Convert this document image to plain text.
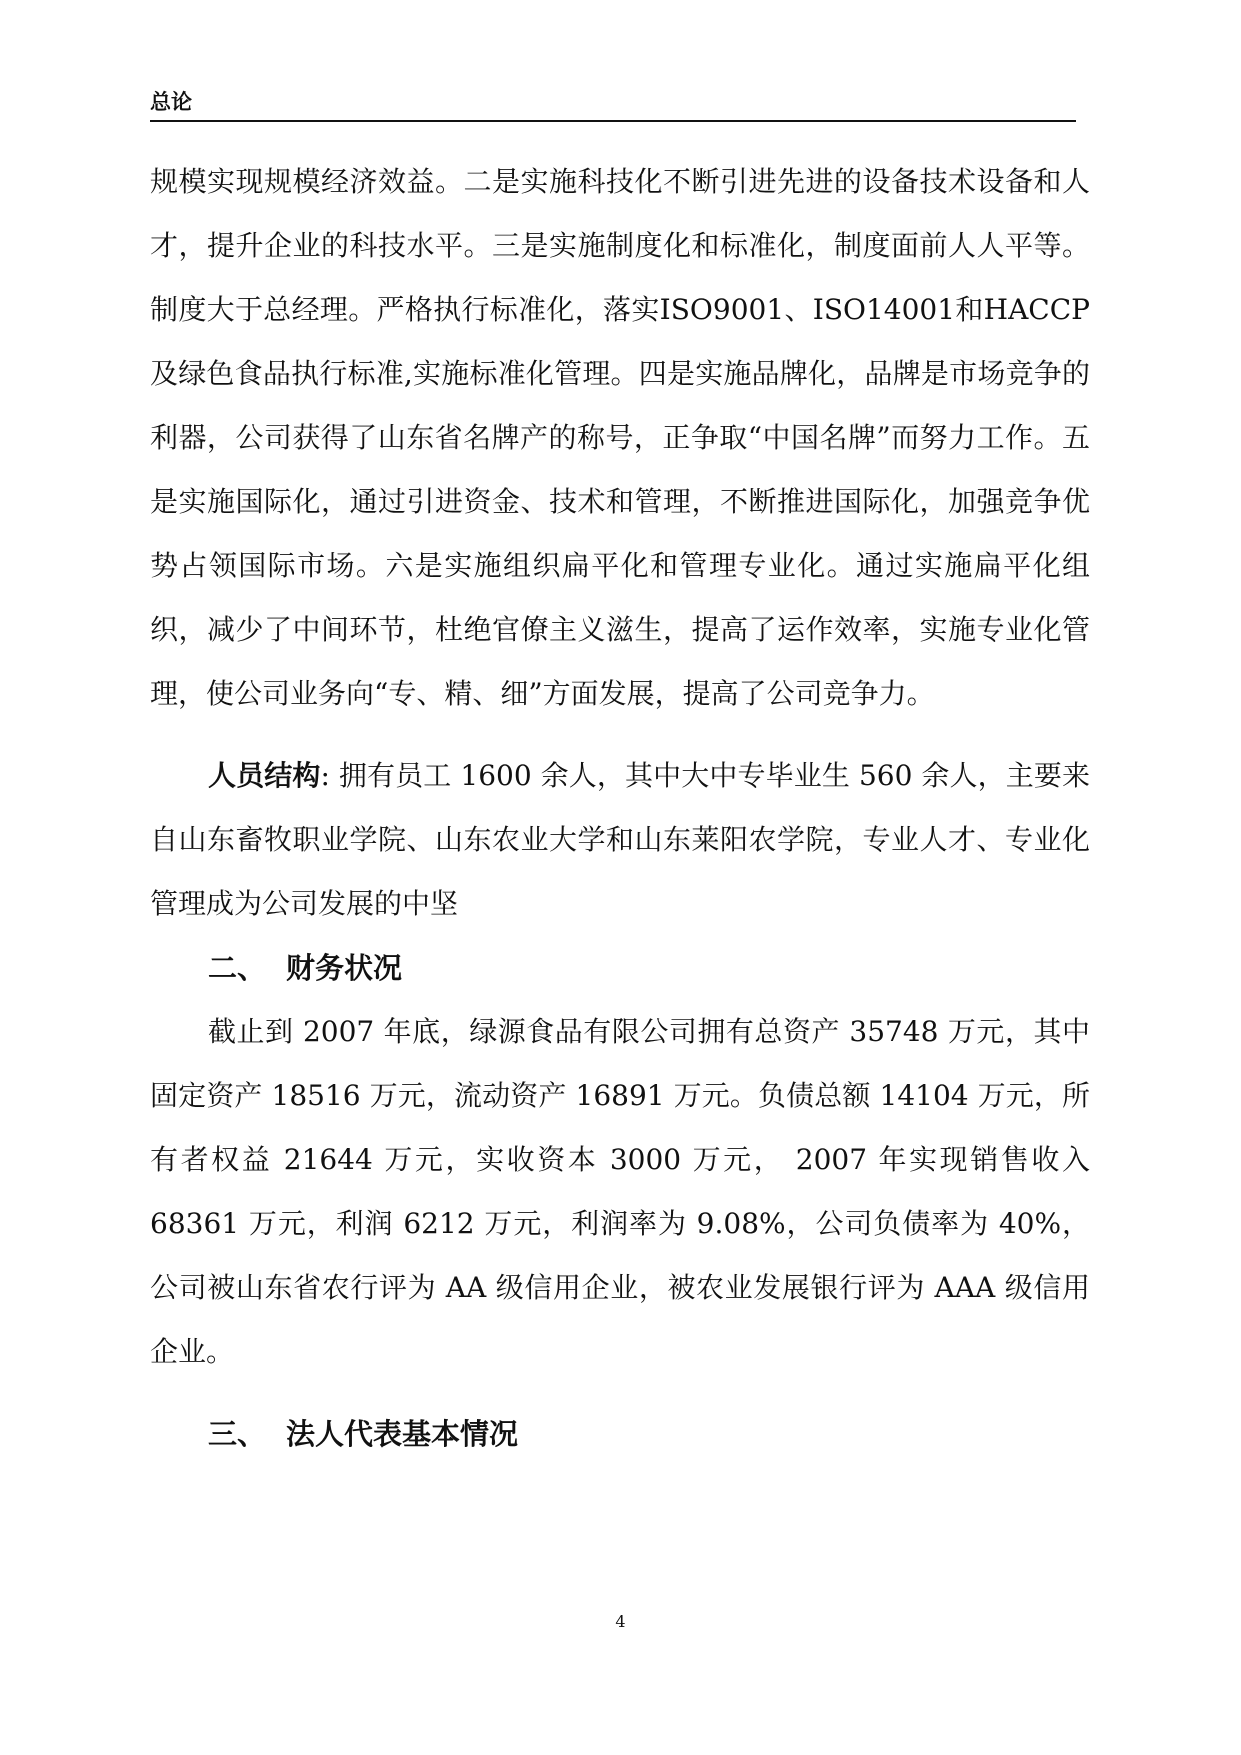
总论

规模实现规模经济效益。二是实施科技化不断引进先进的设备技术设备和人才，提升企业的科技水平。三是实施制度化和标准化，制度面前人人平等。制度大于总经理。严格执行标准化，落实ISO9001、ISO14001和HACCP及绿色食品执行标准,实施标准化管理。四是实施品牌化，品牌是市场竞争的利器，公司获得了山东省名牌产的称号，正争取“中国名牌”而努力工作。五是实施国际化，通过引进资金、技术和管理，不断推进国际化，加强竞争优势占领国际市场。六是实施组织扁平化和管理专业化。通过实施扁平化组织，减少了中间环节，杜绝官僚主义滋生，提高了运作效率，实施专业化管理，使公司业务向“专、精、细”方面发展，提高了公司竞争力。

人员结构: 拥有员工 1600 余人，其中大中专毕业生 560 余人，主要来自山东畜牧职业学院、山东农业大学和山东莱阳农学院，专业人才、专业化管理成为公司发展的中坚

二、 财务状况

截止到 2007 年底，绿源食品有限公司拥有总资产 35748 万元，其中固定资产 18516 万元，流动资产 16891 万元。负债总额 14104 万元，所有者权益 21644 万元，实收资本 3000 万元， 2007 年实现销售收入 68361 万元，利润 6212 万元，利润率为 9.08%，公司负债率为 40%，公司被山东省农行评为 AA 级信用企业，被农业发展银行评为 AAA 级信用企业。

三、 法人代表基本情况
4
